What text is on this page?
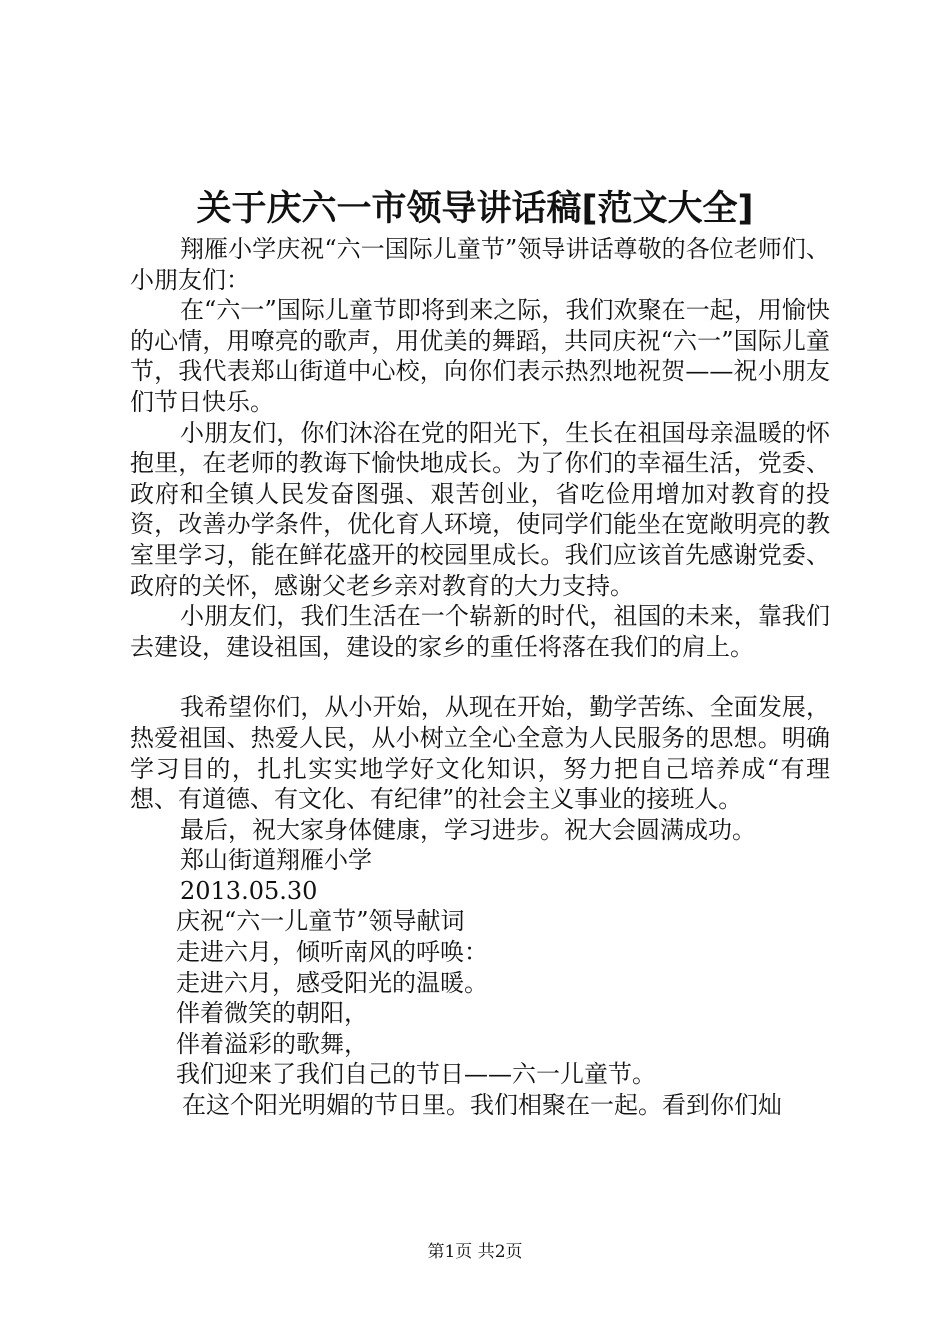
关于庆六一市领导讲话稿[范文大全]

翔雁小学庆祝“六一国际儿童节”领导讲话尊敬的各位老师们、小朋友们：

在“六一”国际儿童节即将到来之际，我们欢聚在一起，用愉快的心情，用嘹亮的歌声，用优美的舞蹈，共同庆祝“六一”国际儿童节，我代表郑山街道中心校，向你们表示热烈地祝贺——祝小朋友们节日快乐。

小朋友们，你们沐浴在党的阳光下，生长在祖国母亲温暖的怀抱里，在老师的教诲下愉快地成长。为了你们的幸福生活，党委、政府和全镇人民发奋图强、艰苦创业，省吃俭用增加对教育的投资，改善办学条件，优化育人环境，使同学们能坐在宽敞明亮的教室里学习，能在鲜花盛开的校园里成长。我们应该首先感谢党委、政府的关怀，感谢父老乡亲对教育的大力支持。

小朋友们，我们生活在一个崭新的时代，祖国的未来，靠我们去建设，建设祖国，建设的家乡的重任将落在我们的肩上。

我希望你们，从小开始，从现在开始，勤学苦练、全面发展，热爱祖国、热爱人民，从小树立全心全意为人民服务的思想。明确学习目的，扎扎实实地学好文化知识，努力把自己培养成“有理想、有道德、有文化、有纪律”的社会主义事业的接班人。

最后，祝大家身体健康，学习进步。祝大会圆满成功。

郑山街道翔雁小学

2013.05.30

庆祝“六一儿童节”领导献词

走进六月，倾听南风的呼唤：

走进六月，感受阳光的温暖。

伴着微笑的朝阳，

伴着溢彩的歌舞，

我们迎来了我们自己的节日——六一儿童节。

在这个阳光明媚的节日里。我们相聚在一起。看到你们灿

第1页 共2页
